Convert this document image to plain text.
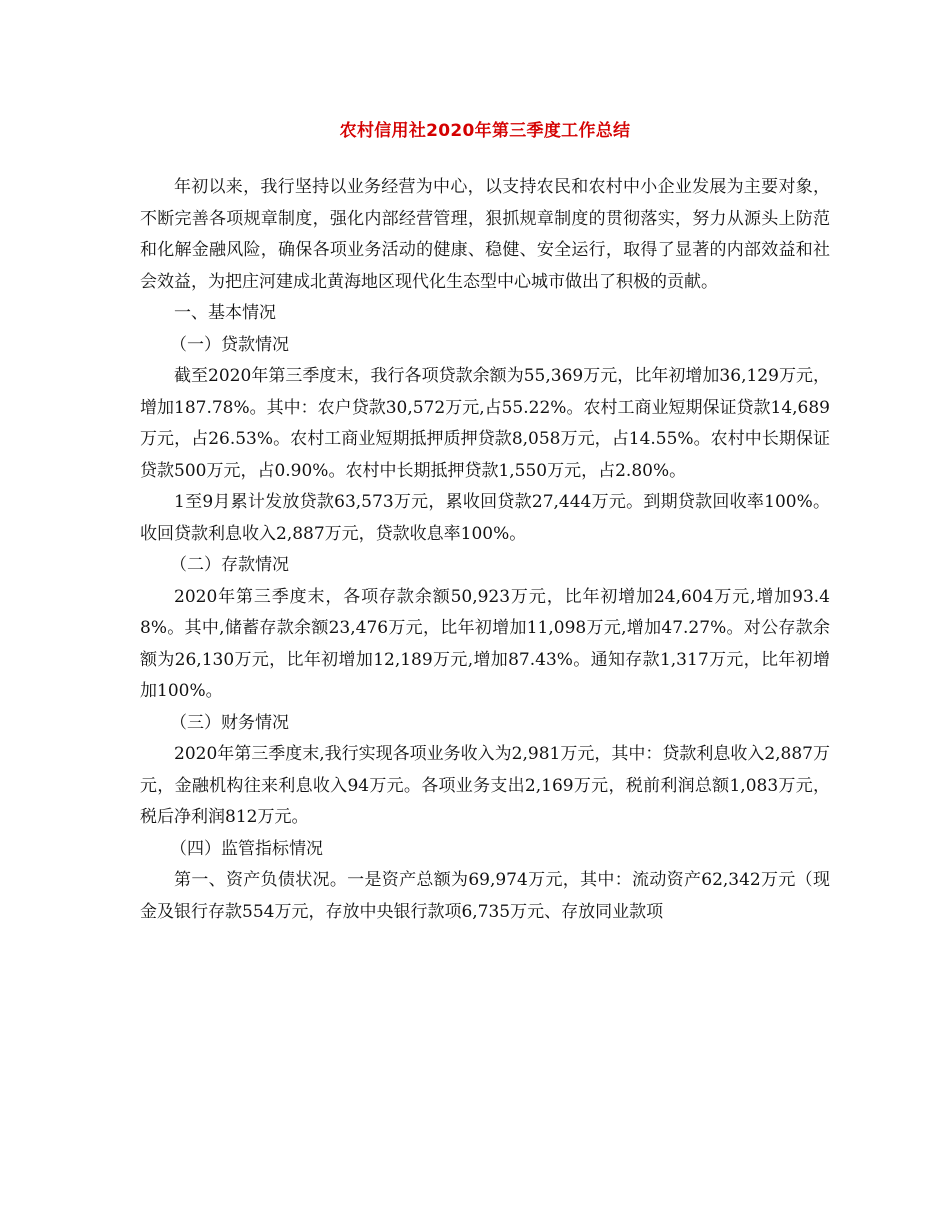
农村信用社2020年第三季度工作总结

年初以来，我行坚持以业务经营为中心，以支持农民和农村中小企业发展为主要对象，不断完善各项规章制度，强化内部经营管理，狠抓规章制度的贯彻落实，努力从源头上防范和化解金融风险，确保各项业务活动的健康、稳健、安全运行，取得了显著的内部效益和社会效益，为把庄河建成北黄海地区现代化生态型中心城市做出了积极的贡献。

一、基本情况

（一）贷款情况

截至2020年第三季度末，我行各项贷款余额为55,369万元，比年初增加36,129万元，增加187.78%。其中：农户贷款30,572万元,占55.22%。农村工商业短期保证贷款14,689万元，占26.53%。农村工商业短期抵押质押贷款8,058万元，占14.55%。农村中长期保证贷款500万元，占0.90%。农村中长期抵押贷款1,550万元，占2.80%。

1至9月累计发放贷款63,573万元，累收回贷款27,444万元。到期贷款回收率100%。收回贷款利息收入2,887万元，贷款收息率100%。

（二）存款情况

2020年第三季度末，各项存款余额50,923万元，比年初增加24,604万元,增加93.48%。其中,储蓄存款余额23,476万元，比年初增加11,098万元,增加47.27%。对公存款余额为26,130万元，比年初增加12,189万元,增加87.43%。通知存款1,317万元，比年初增加100%。

（三）财务情况

2020年第三季度末,我行实现各项业务收入为2,981万元，其中：贷款利息收入2,887万元，金融机构往来利息收入94万元。各项业务支出2,169万元，税前利润总额1,083万元，税后净利润812万元。

（四）监管指标情况

第一、资产负债状况。一是资产总额为69,974万元，其中：流动资产62,342万元（现金及银行存款554万元，存放中央银行款项6,735万元、存放同业款项
